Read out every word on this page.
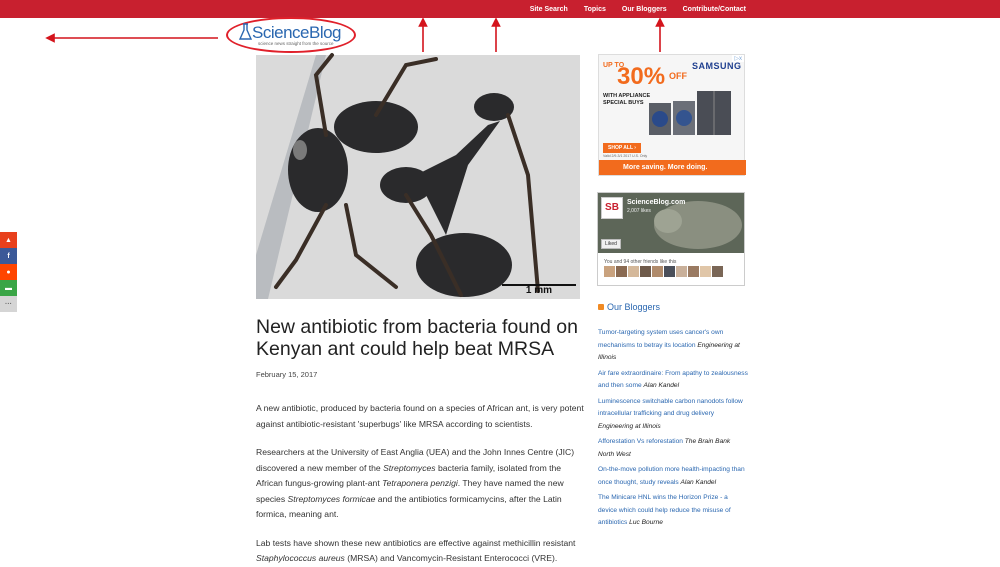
Site Search	Topics	Our Bloggers	Contribute/Contact
ScienceBlog
science news straight from the source
▲
f
●
▬
···
1 mm
New antibiotic from bacteria found on Kenyan ant could help beat MRSA
February 15, 2017

A new antibiotic, produced by bacteria found on a species of African ant, is very potent against antibiotic-resistant 'superbugs' like MRSA according to scientists.

Researchers at the University of East Anglia (UEA) and the John Innes Centre (JIC) discovered a new member of the Streptomyces bacteria family, isolated from the African fungus-growing plant-ant Tetraponera penzigi. They have named the new species Streptomyces formicae and the antibiotics formicamycins, after the Latin formica, meaning ant.

Lab tests have shown these new antibiotics are effective against methicillin resistant Staphylococcus aureus (MRSA) and Vancomycin-Resistant Enterococci (VRE).

▷x
UP TO
30% OFF
SAMSUNG
WITH APPLIANCE SPECIAL BUYS
SHOP ALL ›
Valid 2/9-3/1 2017 U.S. Only
More saving. More doing.
SB	ScienceBlog.com
2,007 likes
Liked
You and 94 other friends like this
Our Bloggers
Tumor-targeting system uses cancer's own mechanisms to betray its location Engineering at Illinois
Air fare extraordinaire: From apathy to zealousness and then some Alan Kandel
Luminescence switchable carbon nanodots follow intracellular trafficking and drug delivery Engineering at Illinois
Afforestation Vs reforestation The Brain Bank North West
On-the-move pollution more health-impacting than once thought, study reveals Alan Kandel
The Minicare HNL wins the Horizon Prize - a device which could help reduce the misuse of antibiotics Luc Bourne
